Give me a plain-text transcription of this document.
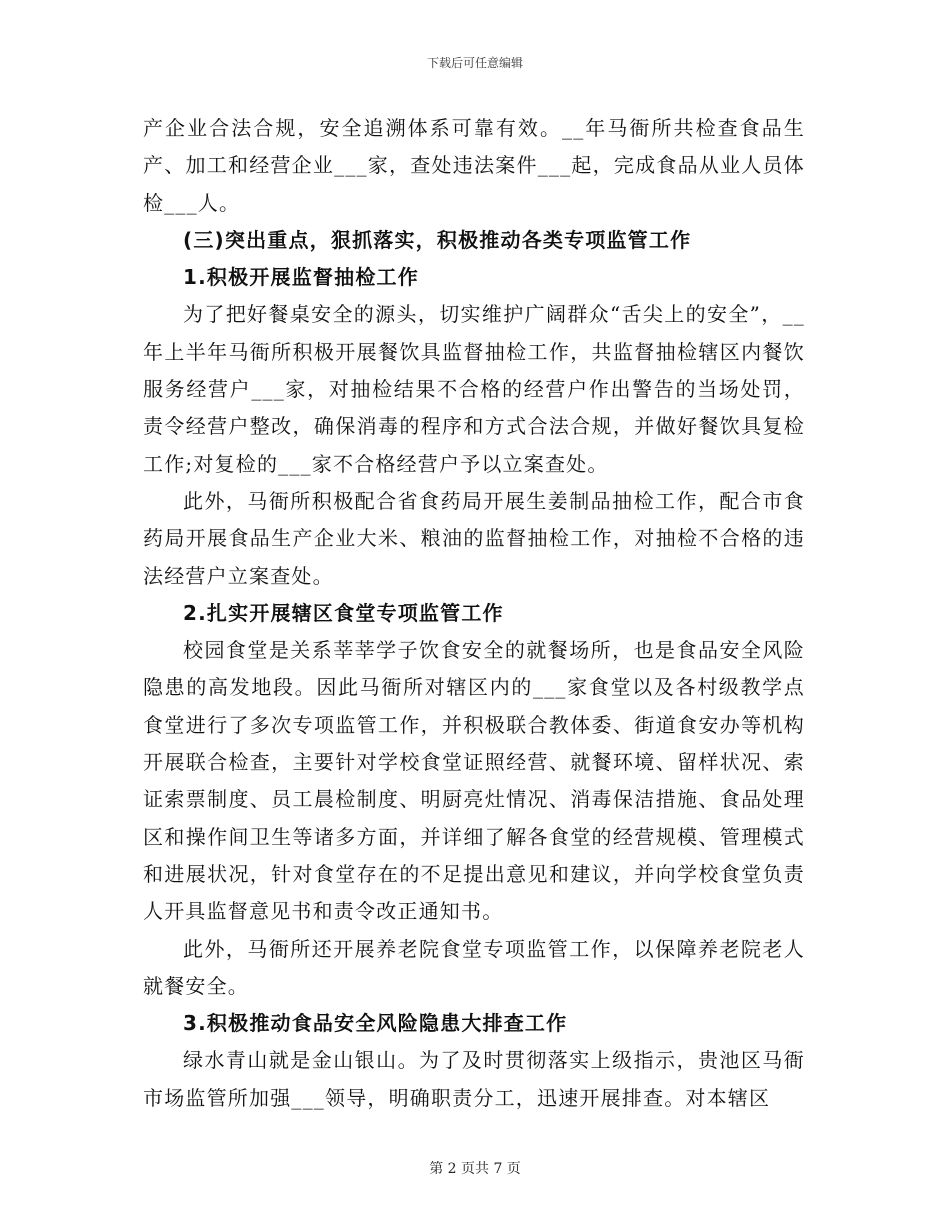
下载后可任意编辑

产企业合法合规，安全追溯体系可靠有效。__年马衙所共检查食品生产、加工和经营企业___家，查处违法案件___起，完成食品从业人员体检___人。

(三)突出重点，狠抓落实，积极推动各类专项监管工作
1.积极开展监督抽检工作

为了把好餐桌安全的源头，切实维护广阔群众“舌尖上的安全”，__年上半年马衙所积极开展餐饮具监督抽检工作，共监督抽检辖区内餐饮服务经营户___家，对抽检结果不合格的经营户作出警告的当场处罚，责令经营户整改，确保消毒的程序和方式合法合规，并做好餐饮具复检工作;对复检的___家不合格经营户予以立案查处。

此外，马衙所积极配合省食药局开展生姜制品抽检工作，配合市食药局开展食品生产企业大米、粮油的监督抽检工作，对抽检不合格的违法经营户立案查处。

2.扎实开展辖区食堂专项监管工作

校园食堂是关系莘莘学子饮食安全的就餐场所，也是食品安全风险隐患的高发地段。因此马衙所对辖区内的___家食堂以及各村级教学点食堂进行了多次专项监管工作，并积极联合教体委、街道食安办等机构开展联合检查，主要针对学校食堂证照经营、就餐环境、留样状况、索证索票制度、员工晨检制度、明厨亮灶情况、消毒保洁措施、食品处理区和操作间卫生等诸多方面，并详细了解各食堂的经营规模、管理模式和进展状况，针对食堂存在的不足提出意见和建议，并向学校食堂负责人开具监督意见书和责令改正通知书。

此外，马衙所还开展养老院食堂专项监管工作，以保障养老院老人就餐安全。

3.积极推动食品安全风险隐患大排查工作

绿水青山就是金山银山。为了及时贯彻落实上级指示，贵池区马衙市场监管所加强___领导，明确职责分工，迅速开展排查。对本辖区

第 2 页共 7 页
